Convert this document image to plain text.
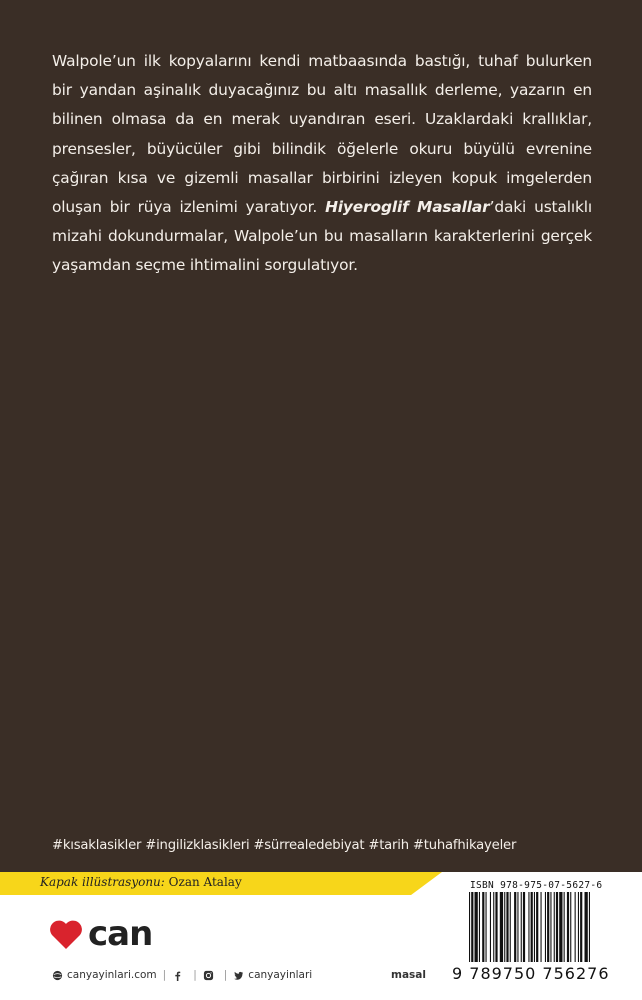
Walpole’un ilk kopyalarını kendi matbaasında bastığı, tuhaf bulurken bir yandan aşinalık duyacağınız bu altı masallık derleme, yazarın en bilinen olmasa da en merak uyandıran eseri. Uzaklardaki krallıklar, prensesler, büyücüler gibi bilindik öğelerle okuru büyülü evrenine çağıran kısa ve gizemli masallar birbirini izleyen kopuk imgelerden oluşan bir rüya izlenimi yaratıyor. Hiyeroglif Masallar’daki ustalıklı mizahi dokundurmalar, Walpole’un bu masalların karakterlerini gerçek yaşamdan seçme ihtimalini sorgulatıyor.

#kısaklasikler #ingilizklasikleri #sürrealedebiyat #tarih #tuhafhikayeler
Kapak illüstrasyonu: Ozan Atalay
can
canyayinlari.com |	|	| canyayinlari	masal
ISBN 978-975-07-5627-6
9 789750 756276
